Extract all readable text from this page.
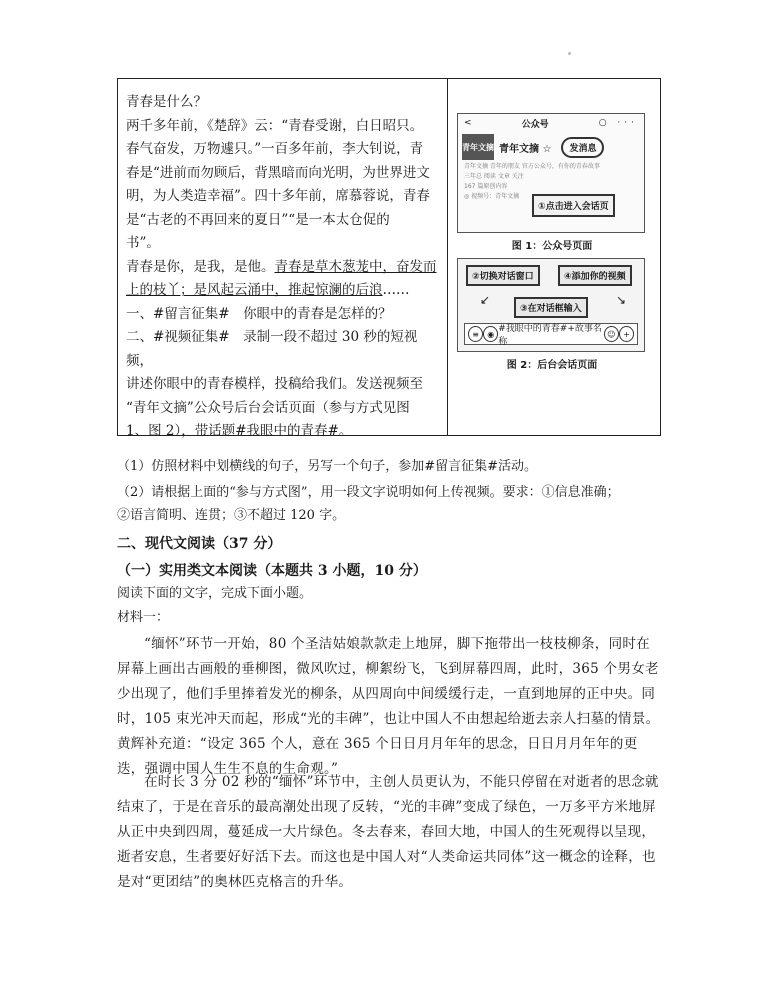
青春是什么？

两千多年前，《楚辞》云：“青春受谢，白日昭只。

春气奋发，万物遽只。”一百多年前，李大钊说，青

春是“进前而勿顾后，背黑暗而向光明，为世界进文

明，为人类造幸福”。四十多年前，席慕蓉说，青春

是“古老的不再回来的夏日”“是一本太仓促的

书”。

青春是你，是我，是他。青春是草木葱茏中，奋发而

上的枝丫；是风起云涌中，推起惊澜的后浪……

一、#留言征集#　你眼中的青春是怎样的？

二、#视频征集#　录制一段不超过 30 秒的短视频，

讲述你眼中的青春模样，投稿给我们。发送视频至

“青年文摘”公众号后台会话页面（参与方式见图

1、图 2），带话题#我眼中的青春#。

<	公众号	○ ···
青年文摘 青年文摘 ☆	发消息
青年文摘 青年的朋友 官方公众号，有你的青春故事
三年总 阅读 文章 关注
167 篇原创内容
◎ 视频号：青年文摘
①点击进入会话页
图 1：公众号页面
②切换对话窗口	④添加你的视频
③在对话框输入
↙	↘
≡	◉ #我眼中的青春#+故事名称
☺ +
图 2：后台会话页面
（1）仿照材料中划横线的句子，另写一个句子，参加#留言征集#活动。
（2）请根据上面的“参与方式图”，用一段文字说明如何上传视频。要求：①信息准确；
②语言简明、连贯；③不超过 120 字。
二、现代文阅读（37 分）
（一）实用类文本阅读（本题共 3 小题，10 分）
阅读下面的文字，完成下面小题。
材料一：

“缅怀”环节一开始，80 个圣洁姑娘款款走上地屏，脚下拖带出一枝枝柳条，同时在屏幕上画出古画般的垂柳图，微风吹过，柳絮纷飞，飞到屏幕四周，此时，365 个男女老少出现了，他们手里捧着发光的柳条，从四周向中间缓缓行走，一直到地屏的正中央。同时，105 束光冲天而起，形成“光的丰碑”，也让中国人不由想起给逝去亲人扫墓的情景。黄辉补充道：“设定 365 个人，意在 365 个日日月月年年的思念，日日月月年年的更迭，强调中国人生生不息的生命观。”

在时长 3 分 02 秒的“缅怀”环节中，主创人员更认为，不能只停留在对逝者的思念就结束了，于是在音乐的最高潮处出现了反转，“光的丰碑”变成了绿色，一万多平方米地屏从正中央到四周，蔓延成一大片绿色。冬去春来，春回大地，中国人的生死观得以呈现，逝者安息，生者要好好活下去。而这也是中国人对“人类命运共同体”这一概念的诠释，也是对“更团结”的奥林匹克格言的升华。
